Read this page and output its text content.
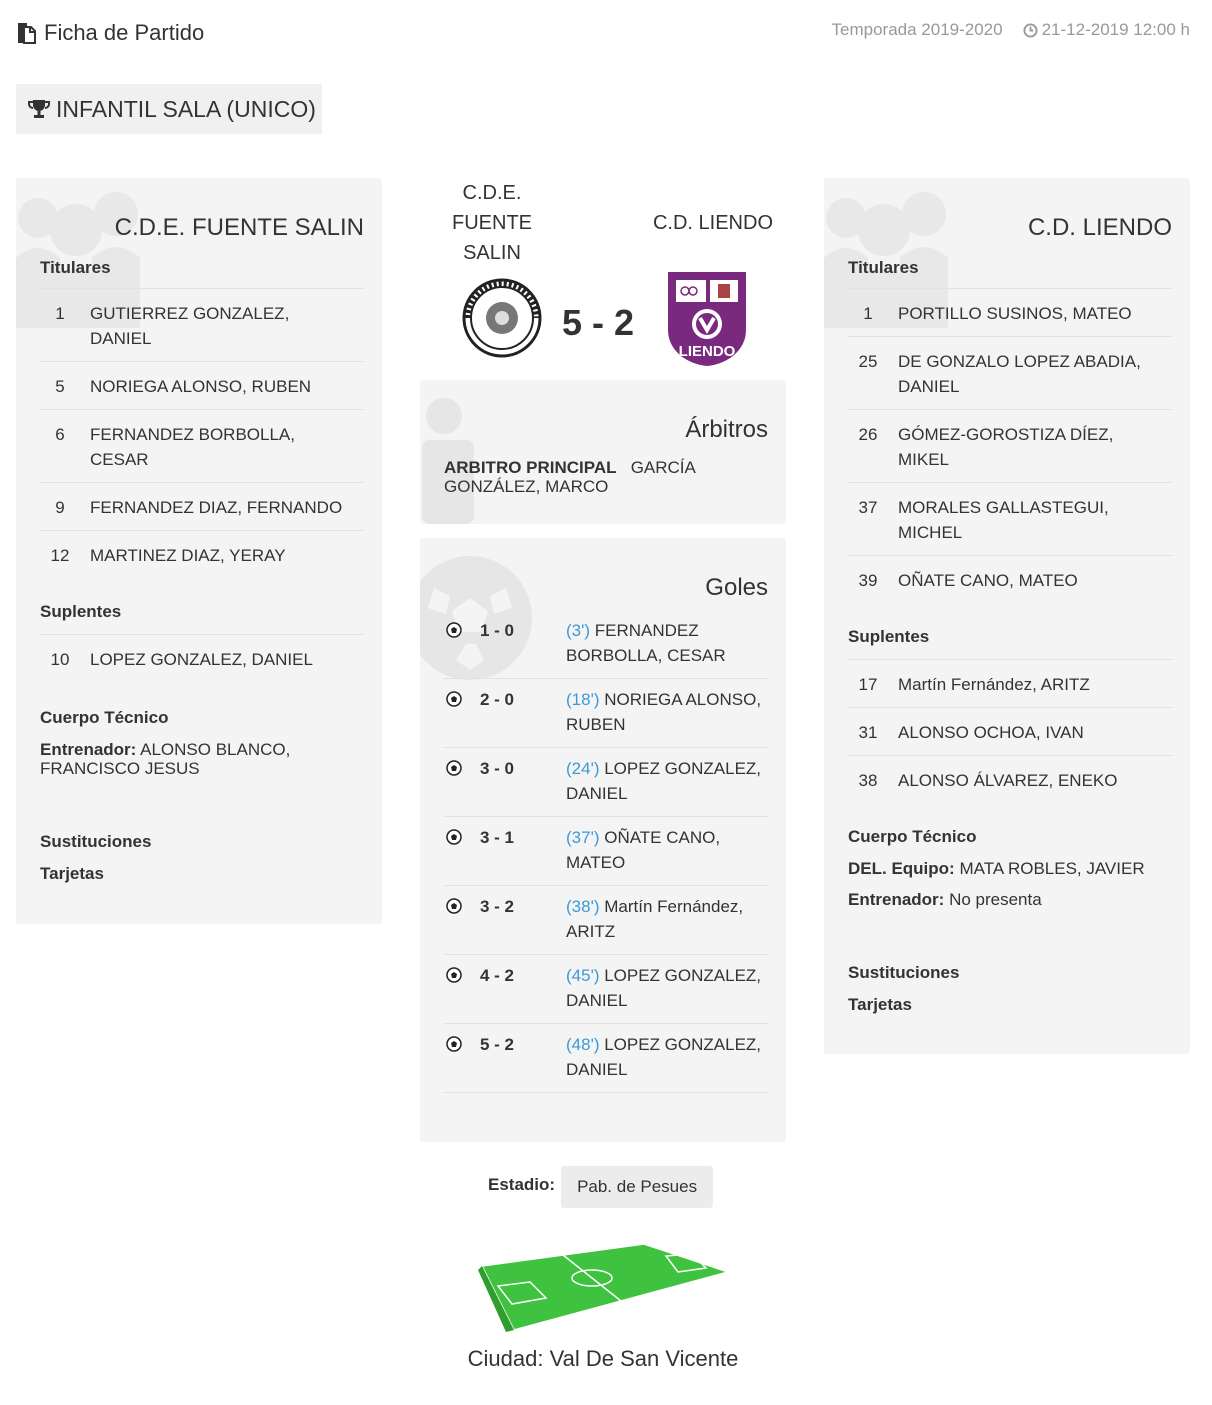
Ficha de Partido	Temporada 2019-2020 21-12-2019 12:00 h
INFANTIL SALA (UNICO)
C.D.E. FUENTE SALIN
Titulares
1	GUTIERREZ GONZALEZ, DANIEL
5	NORIEGA ALONSO, RUBEN
6	FERNANDEZ BORBOLLA, CESAR
9	FERNANDEZ DIAZ, FERNANDO
12	MARTINEZ DIAZ, YERAY
Suplentes
10	LOPEZ GONZALEZ, DANIEL
Cuerpo Técnico
Entrenador: ALONSO BLANCO, FRANCISCO JESUS
Sustituciones
Tarjetas
C.D.E.
FUENTE
SALIN
C.D. LIENDO
5 - 2
LIENDO
Árbitros
ARBITRO PRINCIPAL GARCÍA GONZÁLEZ, MARCO
Goles
1 - 0	(3') FERNANDEZ BORBOLLA, CESAR
2 - 0	(18') NORIEGA ALONSO, RUBEN
3 - 0	(24') LOPEZ GONZALEZ, DANIEL
3 - 1	(37') OÑATE CANO, MATEO
3 - 2	(38') Martín Fernández, ARITZ
4 - 2	(45') LOPEZ GONZALEZ, DANIEL
5 - 2	(48') LOPEZ GONZALEZ, DANIEL
C.D. LIENDO
Titulares
1	PORTILLO SUSINOS, MATEO
25	DE GONZALO LOPEZ ABADIA, DANIEL
26	GÓMEZ-GOROSTIZA DÍEZ, MIKEL
37	MORALES GALLASTEGUI, MICHEL
39	OÑATE CANO, MATEO
Suplentes
17	Martín Fernández, ARITZ
31	ALONSO OCHOA, IVAN
38	ALONSO ÁLVAREZ, ENEKO
Cuerpo Técnico
DEL. Equipo: MATA ROBLES, JAVIER
Entrenador: No presenta
Sustituciones
Tarjetas
Estadio:	Pab. de Pesues
Ciudad: Val De San Vicente
